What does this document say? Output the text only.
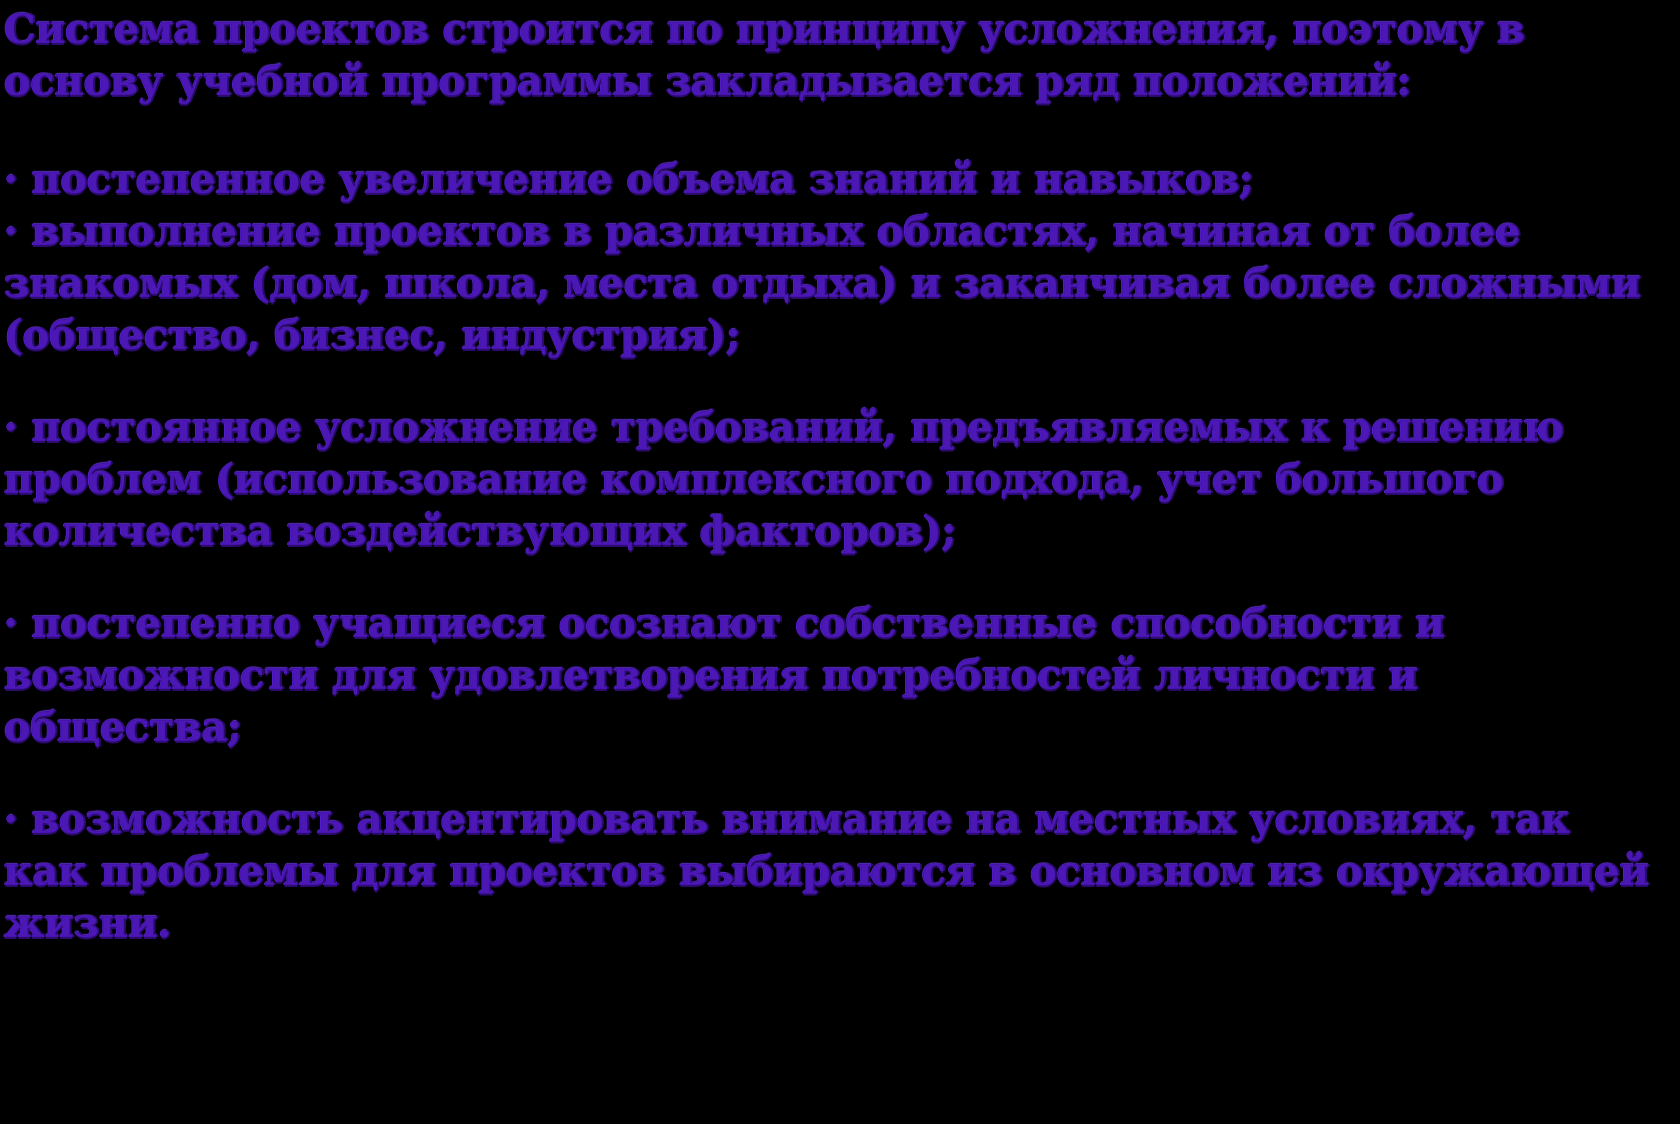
Система проектов строится по принципу усложнения, поэтому в основу учебной программы закладывается ряд положений:

· постепенное увеличение объема знаний и навыков;

· выполнение проектов в различных областях, начиная от более знакомых (дом, школа, места отдыха) и заканчивая более сложными (общество, бизнес, индустрия);

· постоянное усложнение требований, предъявляемых к решению проблем (использование комплексного подхода, учет большого количества воздействующих факторов);

· постепенно учащиеся осознают собственные способности и возможности для удовлетворения потребностей личности и общества;

· возможность акцентировать внимание на местных условиях, так как проблемы для проектов выбираются в основном из окружающей жизни.
